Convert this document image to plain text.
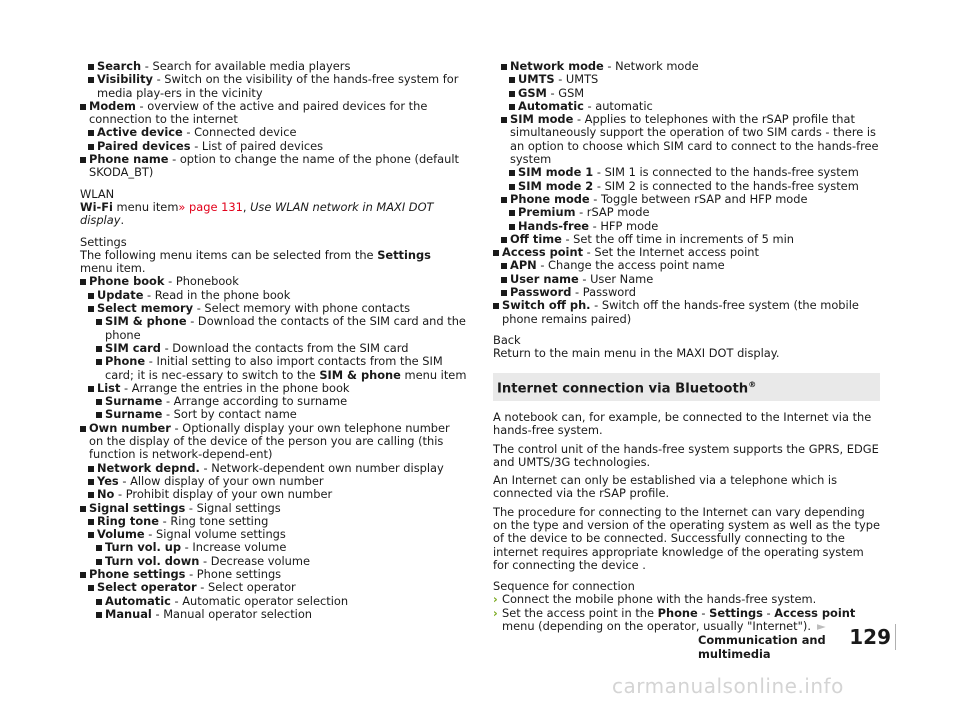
Search - Search for available media players
Visibility - Switch on the visibility of the hands-free system for media play-ers in the vicinity
Modem - overview of the active and paired devices for the connection to the internet
Active device - Connected device
Paired devices - List of paired devices
Phone name - option to change the name of the phone (default SKODA_BT)
WLAN
Wi-Fi menu item» page 131, Use WLAN network in MAXI DOT display.
Settings
The following menu items can be selected from the Settings menu item.
Phone book - Phonebook
Update - Read in the phone book
Select memory - Select memory with phone contacts
SIM & phone - Download the contacts of the SIM card and the phone
SIM card - Download the contacts from the SIM card
Phone - Initial setting to also import contacts from the SIM card; it is nec-essary to switch to the SIM & phone menu item
List - Arrange the entries in the phone book
Surname - Arrange according to surname
Surname - Sort by contact name
Own number - Optionally display your own telephone number on the display of the device of the person you are calling (this function is network-depend-ent)
Network depnd. - Network-dependent own number display
Yes - Allow display of your own number
No - Prohibit display of your own number
Signal settings - Signal settings
Ring tone - Ring tone setting
Volume - Signal volume settings
Turn vol. up - Increase volume
Turn vol. down - Decrease volume
Phone settings - Phone settings
Select operator - Select operator
Automatic - Automatic operator selection
Manual - Manual operator selection
Network mode - Network mode
UMTS - UMTS
GSM - GSM
Automatic - automatic
SIM mode - Applies to telephones with the rSAP profile that simultaneously support the operation of two SIM cards - there is an option to choose which SIM card to connect to the hands-free system
SIM mode 1 - SIM 1 is connected to the hands-free system
SIM mode 2 - SIM 2 is connected to the hands-free system
Phone mode - Toggle between rSAP and HFP mode
Premium - rSAP mode
Hands-free - HFP mode
Off time - Set the off time in increments of 5 min
Access point - Set the Internet access point
APN - Change the access point name
User name - User Name
Password - Password
Switch off ph. - Switch off the hands-free system (the mobile phone remains paired)
Back
Return to the main menu in the MAXI DOT display.
Internet connection via Bluetooth®
A notebook can, for example, be connected to the Internet via the hands-free system.
The control unit of the hands-free system supports the GPRS, EDGE and UMTS/3G technologies.
An Internet can only be established via a telephone which is connected via the rSAP profile.
The procedure for connecting to the Internet can vary depending on the type and version of the operating system as well as the type of the device to be connected. Successfully connecting to the internet requires appropriate knowledge of the operating system for connecting the device .
Sequence for connection
› Connect the mobile phone with the hands-free system.
› Set the access point in the Phone - Settings - Access point menu (depending on the operator, usually "Internet"). ►
Communication and multimedia
129
carmanualsonline.info
